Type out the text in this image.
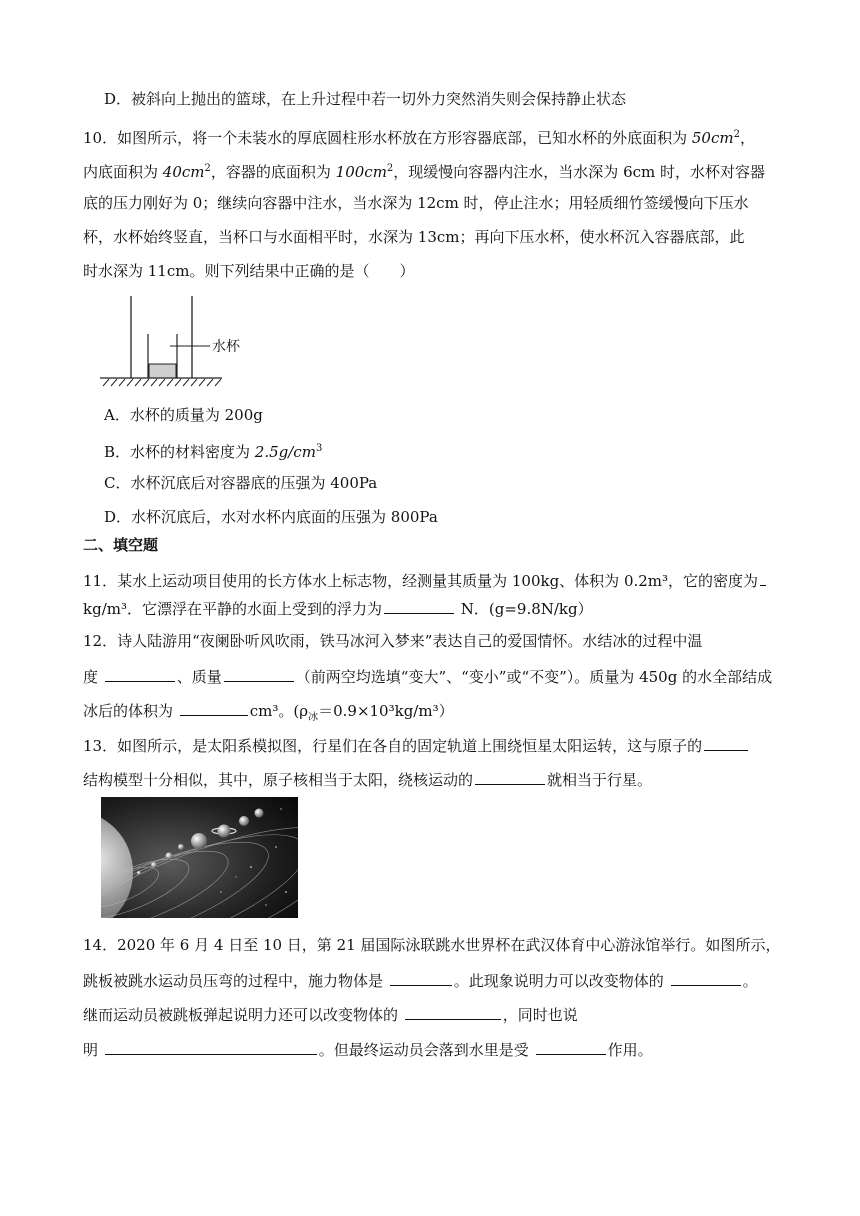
D．被斜向上抛出的篮球，在上升过程中若一切外力突然消失则会保持静止状态
10．如图所示，将一个未装水的厚底圆柱形水杯放在方形容器底部，已知水杯的外底面积为 $50cm^2$，
内底面积为 $40cm^2$，容器的底面积为 $100cm^2$，现缓慢向容器内注水，当水深为 6cm 时，水杯对容器
底的压力刚好为 0；继续向容器中注水，当水深为 12cm 时，停止注水；用轻质细竹签缓慢向下压水
杯，水杯始终竖直，当杯口与水面相平时，水深为 13cm；再向下压水杯，使水杯沉入容器底部，此
时水深为 11cm。则下列结果中正确的是（　　）
水杯
A．水杯的质量为 200g
B．水杯的材料密度为 $2.5g/cm^3$
C．水杯沉底后对容器底的压强为 400Pa
D．水杯沉底后，水对水杯内底面的压强为 800Pa
二、填空题
11．某水上运动项目使用的长方体水上标志物，经测量其质量为 100kg、体积为 0.2m³，它的密度为
kg/m³．它漂浮在平静的水面上受到的浮力为	N．(g=9.8N/kg）
12．诗人陆游用“夜阑卧听风吹雨，铁马冰河入梦来”表达自己的爱国情怀。水结冰的过程中温
度	、质量	（前两空均选填“变大”、“变小”或“不变”）。质量为 450g 的水全部结成
冰后的体积为	cm³。$(\rho_冰=0.9\times 10^3kg/m^3)$
13．如图所示，是太阳系模拟图，行星们在各自的固定轨道上围绕恒星太阳运转，这与原子的
结构模型十分相似，其中，原子核相当于太阳，绕核运动的	就相当于行星。
14．2020 年 6 月 4 日至 10 日，第 21 届国际泳联跳水世界杯在武汉体育中心游泳馆举行。如图所示，
跳板被跳水运动员压弯的过程中，施力物体是	。此现象说明力可以改变物体的	。
继而运动员被跳板弹起说明力还可以改变物体的	，同时也说
明	。但最终运动员会落到水里是受	作用。
